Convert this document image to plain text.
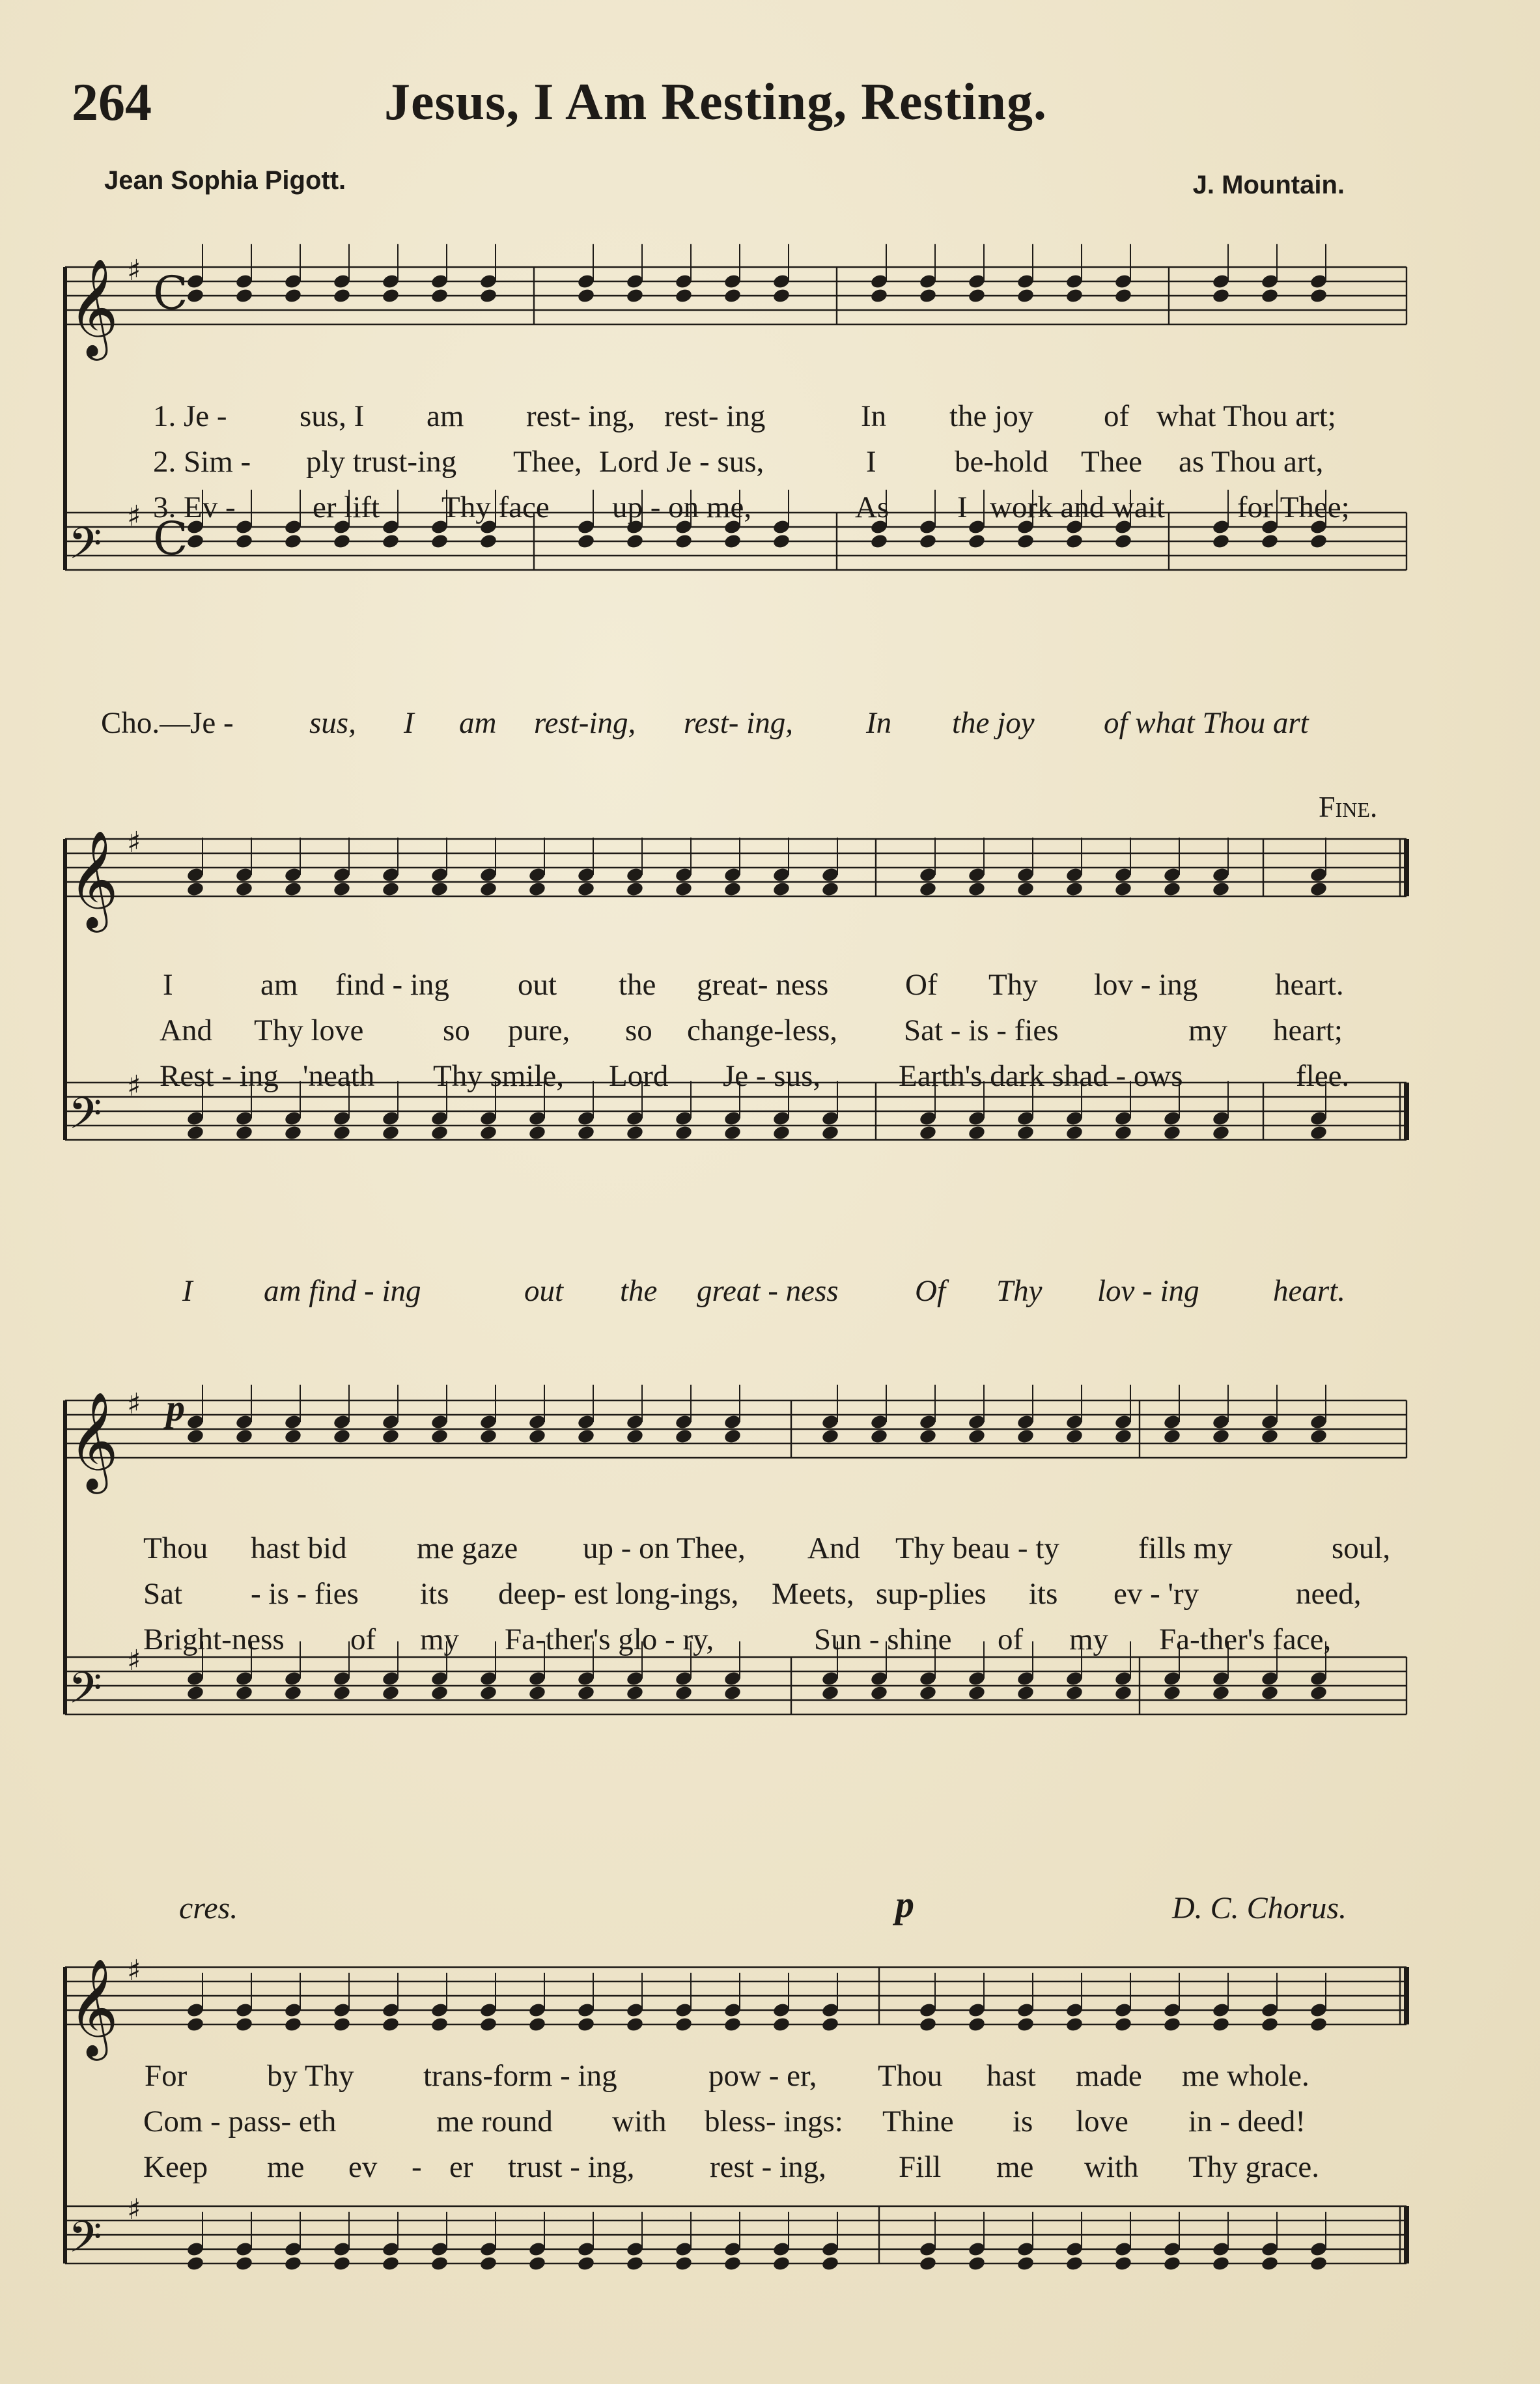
𝄞 ♯ C
𝄢
♯ C
𝄞 ♯
𝄢
♯
𝄞 ♯
𝄢
♯
𝄞 ♯
𝄢
♯
264	Jesus, I Am Resting, Resting.
Jean Sophia Pigott.	J. Mountain.
1. Je - sus, I am rest- ing, rest- ing	In the joy of what Thou art;
2. Sim - ply trust-ing Thee, Lord Je - sus,	I	be-hold Thee as Thou art,
3. Ev -	er lift Thy face up - on me,	As I work and wait for Thee;
Cho.—Je - sus, I am rest-ing, rest- ing, In the joy of what Thou art
Fine.
I	am find - ing out the great- ness	Of Thy lov - ing	heart.
And Thy love	so pure, so change-less, Sat - is - fies	my heart;
Rest - ing 'neath Thy smile, Lord Je - sus,	Earth's dark shad - ows	flee.
I am find - ing	out the great - ness Of Thy lov - ing heart.
p
Thou hast bid me gaze up - on Thee, And Thy beau - ty	fills my	soul,
Sat - is - fies its deep- est long-ings, Meets, sup-plies its ev - 'ry	need,
Bright-ness of my Fa-ther's glo - ry,	Sun - shine of my Fa-ther's face,
cres.	p	D. C. Chorus.
For	by Thy trans-form - ing	pow - er, Thou hast made me whole.
Com - pass- eth	me round with bless- ings: Thine is love in - deed!
Keep me ev - er trust - ing, rest - ing, Fill me with Thy grace.
